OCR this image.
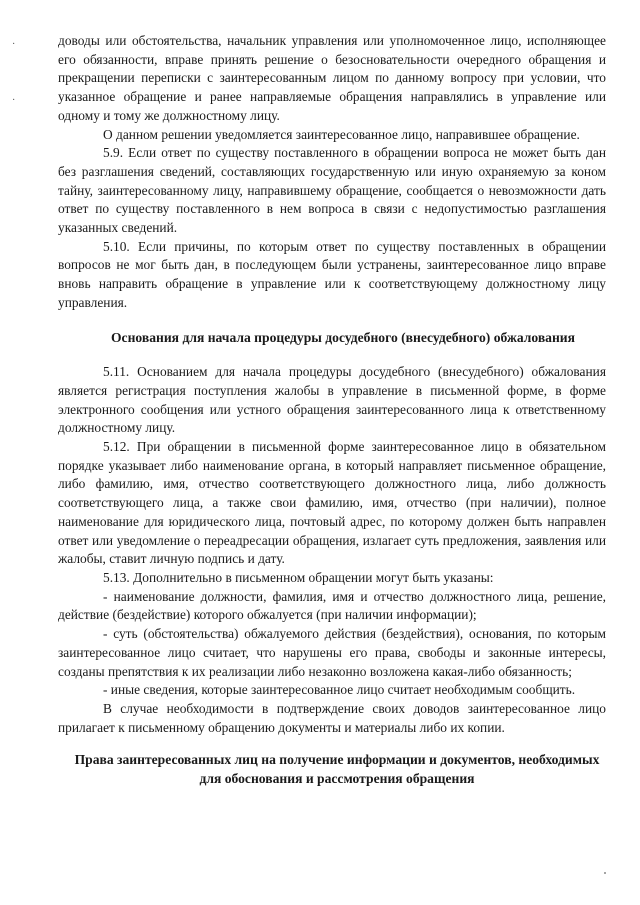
·
·

доводы или обстоятельства, начальник управления или уполномоченное лицо, исполняющее его обязанности, вправе принять решение о безосновательности очередного обращения и прекращении переписки с заинтересованным лицом по данному вопросу при условии, что указанное обращение и ранее направляемые обращения направлялись в управление или одному и тому же должностному лицу.

О данном решении уведомляется заинтересованное лицо, направившее обращение.

5.9. Если ответ по существу поставленного в обращении вопроса не может быть дан без разглашения сведений, составляющих государственную или иную охраняемую за коном тайну, заинтересованному лицу, направившему обращение, сообщается о невозможности дать ответ по существу поставленного в нем вопроса в связи с недопустимостью разглашения указанных сведений.

5.10. Если причины, по которым ответ по существу поставленных в обращении вопросов не мог быть дан, в последующем были устранены, заинтересованное лицо вправе вновь направить обращение в управление или к соответствующему должностному лицу управления.

Основания для начала процедуры досудебного (внесудебного) обжалования

5.11. Основанием для начала процедуры досудебного (внесудебного) обжалования является регистрация поступления жалобы в управление в письменной форме, в форме электронного сообщения или устного обращения заинтересованного лица к ответственному должностному лицу.

5.12. При обращении в письменной форме заинтересованное лицо в обязательном порядке указывает либо наименование органа, в который направляет письменное обращение, либо фамилию, имя, отчество соответствующего должностного лица, либо должность соответствующего лица, а также свои фамилию, имя, отчество (при наличии), полное наименование для юридического лица, почтовый адрес, по которому должен быть направлен ответ или уведомление о переадресации обращения, излагает суть предложения, заявления или жалобы, ставит личную подпись и дату.

5.13. Дополнительно в письменном обращении могут быть указаны:

- наименование должности, фамилия, имя и отчество должностного лица, решение, действие (бездействие) которого обжалуется (при наличии информации);

- суть (обстоятельства) обжалуемого действия (бездействия), основания, по которым заинтересованное лицо считает, что нарушены его права, свободы и законные интересы, созданы препятствия к их реализации либо незаконно возложена какая-либо обязанность;

- иные сведения, которые заинтересованное лицо считает необходимым сообщить.

В случае необходимости в подтверждение своих доводов заинтересованное лицо прилагает к письменному обращению документы и материалы либо их копии.

Права заинтересованных лиц на получение информации и документов, необходимых для обоснования и рассмотрения обращения
